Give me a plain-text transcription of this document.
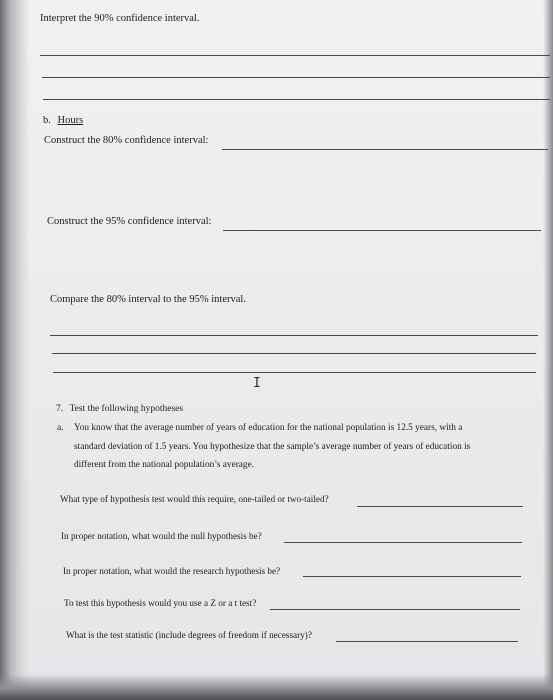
Interpret the 90% confidence interval.
b. Hours
Construct the 80% confidence interval:
Construct the 95% confidence interval:
Compare the 80% interval to the 95% interval.
I
7. Test the following hypotheses
a. You know that the average number of years of education for the national population is 12.5 years, with a
standard deviation of 1.5 years. You hypothesize that the sample’s average number of years of education is
different from the national population’s average.
What type of hypothesis test would this require, one-tailed or two-tailed?
In proper notation, what would the null hypothesis be?
In proper notation, what would the research hypothesis be?
To test this hypothesis would you use a Z or a t test?
What is the test statistic (include degrees of freedom if necessary)?
